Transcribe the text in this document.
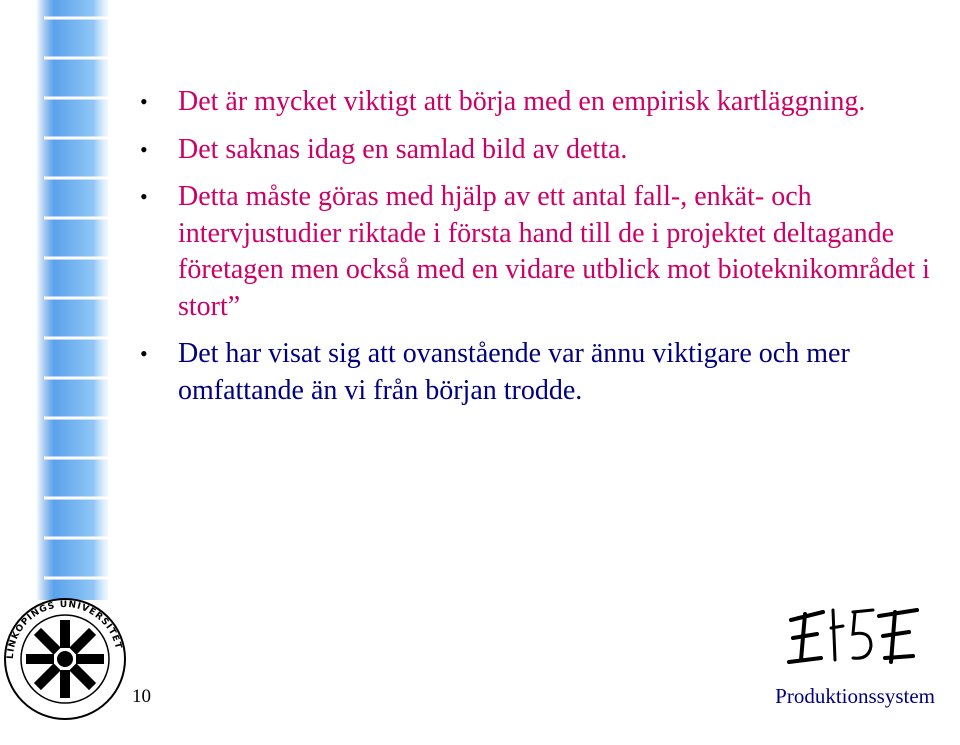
• Det är mycket viktigt att börja med en empirisk kartläggning.
• Det saknas idag en samlad bild av detta.
• Detta måste göras med hjälp av ett antal fall-, enkät- och intervjustudier riktade i första hand till de i projektet deltagande företagen men också med en vidare utblick mot bioteknikområdet i stort”
• Det har visat sig att ovanstående var ännu viktigare och mer omfattande än vi från början trodde.
LINKÖPINGS UNIVERSITET
10	Produktionssystem
